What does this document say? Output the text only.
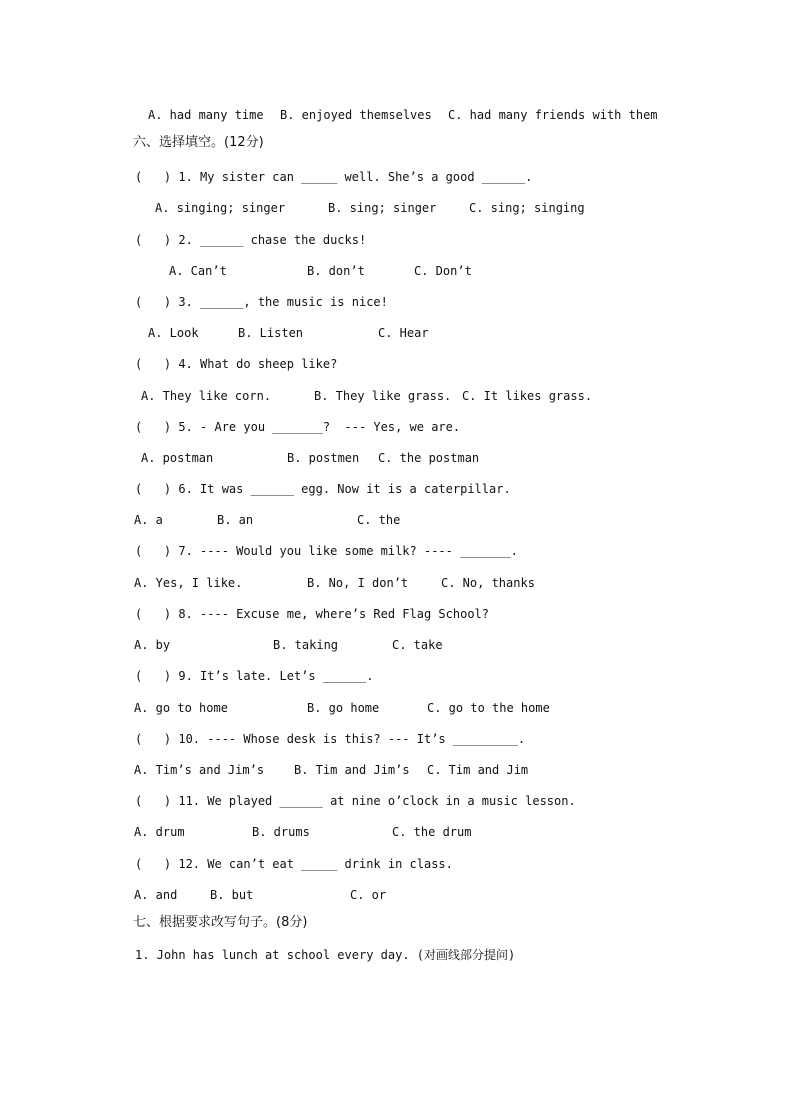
A. had many time B. enjoyed themselves C. had many friends with them
六、选择填空。(12分)
(   ) 1. My sister can _____ well. She’s a good ______.
A. singing; singer	B. sing; singer	C. sing; singing
(   ) 2. ______ chase the ducks!
A. Can’t	B. don’t	C. Don’t
(   ) 3. ______, the music is nice!
A. Look	B. Listen	C. Hear
(   ) 4. What do sheep like?
A. They like corn.	B. They like grass. C. It likes grass.
(   ) 5. - Are you _______?  --- Yes, we are.
A. postman	B. postmen C. the postman
(   ) 6. It was ______ egg. Now it is a caterpillar.
A. a	B. an	C. the
(   ) 7. ---- Would you like some milk? ---- _______.
A. Yes, I like.	B. No, I don’t	C. No, thanks
(   ) 8. ---- Excuse me, where’s Red Flag School?
A. by	B. taking	C. take
(   ) 9. It’s late. Let’s ______.
A. go to home	B. go home	C. go to the home
(   ) 10. ---- Whose desk is this? --- It’s _________.
A. Tim’s and Jim’s B. Tim and Jim’s C. Tim and Jim
(   ) 11. We played ______ at nine o’clock in a music lesson.
A. drum	B. drums	C. the drum
(   ) 12. We can’t eat _____ drink in class.
A. and	B. but	C. or
七、根据要求改写句子。(8分)
1. John has lunch at school every day. (对画线部分提问)
